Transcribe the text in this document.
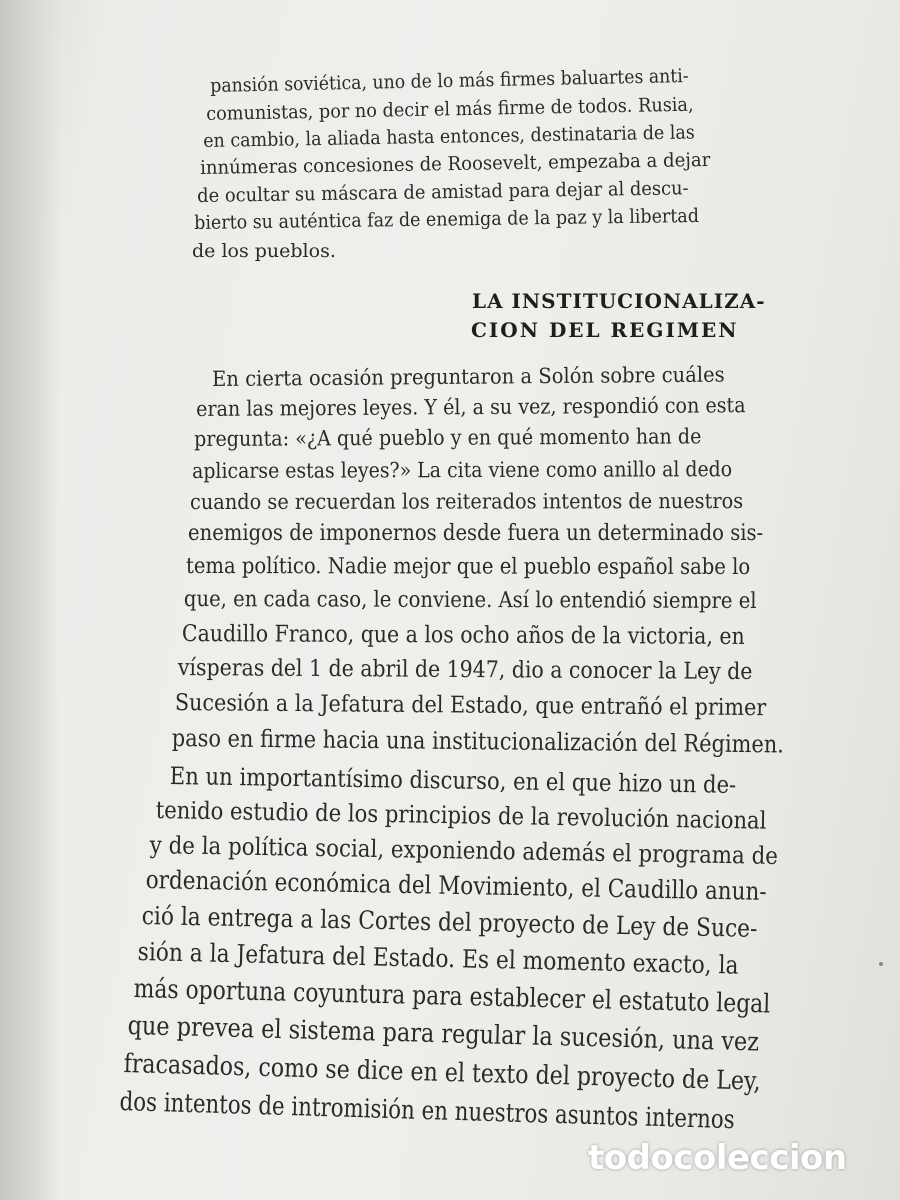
pansión soviética, uno de lo más firmes baluartes anti-

comunistas, por no decir el más firme de todos. Rusia,

en cambio, la aliada hasta entonces, destinataria de las

innúmeras concesiones de Roosevelt, empezaba a dejar

de ocultar su máscara de amistad para dejar al descu-

bierto su auténtica faz de enemiga de la paz y la libertad

de los pueblos.

LA INSTITUCIONALIZA-

CION DEL REGIMEN

En cierta ocasión preguntaron a Solón sobre cuáles

eran las mejores leyes. Y él, a su vez, respondió con esta

pregunta: «¿A qué pueblo y en qué momento han de

aplicarse estas leyes?» La cita viene como anillo al dedo

cuando se recuerdan los reiterados intentos de nuestros

enemigos de imponernos desde fuera un determinado sis-

tema político. Nadie mejor que el pueblo español sabe lo

que, en cada caso, le conviene. Así lo entendió siempre el

Caudillo Franco, que a los ocho años de la victoria, en

vísperas del 1 de abril de 1947, dio a conocer la Ley de

Sucesión a la Jefatura del Estado, que entrañó el primer

paso en firme hacia una institucionalización del Régimen.

En un importantísimo discurso, en el que hizo un de-

tenido estudio de los principios de la revolución nacional

y de la política social, exponiendo además el programa de

ordenación económica del Movimiento, el Caudillo anun-

ció la entrega a las Cortes del proyecto de Ley de Suce-

sión a la Jefatura del Estado. Es el momento exacto, la

más oportuna coyuntura para establecer el estatuto legal

que prevea el sistema para regular la sucesión, una vez

fracasados, como se dice en el texto del proyecto de Ley,

dos intentos de intromisión en nuestros asuntos internos

todocoleccion
